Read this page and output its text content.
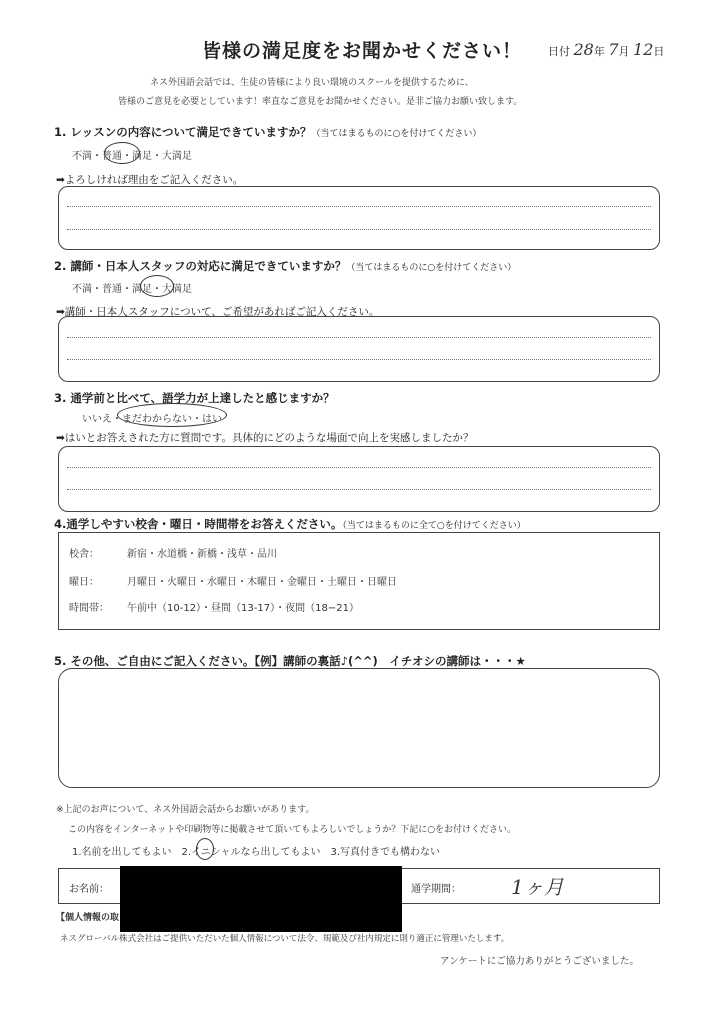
皆様の満足度をお聞かせください！	日付 28年 7月 12日
ネス外国語会話では、生徒の皆様により良い環境のスクールを提供するために、
皆様のご意見を必要としています！率直なご意見をお聞かせください。是非ご協力お願い致します。
1. レッスンの内容について満足できていますか？（当てはまるものに○を付けてください）
不満・普通・満足・大満足
➡よろしければ理由をご記入ください。
2. 講師・日本人スタッフの対応に満足できていますか？（当てはまるものに○を付けてください）
不満・普通・満足・大満足
➡講師・日本人スタッフについて、ご希望があればご記入ください。
3. 通学前と比べて、語学力が上達したと感じますか？
いいえ・まだわからない・はい
➡はいとお答えされた方に質問です。具体的にどのような場面で向上を実感しましたか？
4.通学しやすい校舎・曜日・時間帯をお答えください。（当てはまるものに全て○を付けてください）
校舎：	新宿・水道橋・新橋・浅草・品川
曜日：	月曜日・火曜日・水曜日・木曜日・金曜日・土曜日・日曜日
時間帯： 午前中（10-12）・昼間（13-17）・夜間（18−21）
5. その他、ご自由にご記入ください。【例】講師の裏話♪(^^)　イチオシの講師は・・・★
※上記のお声について、ネス外国語会話からお願いがあります。
この内容をインターネットや印刷物等に掲載させて頂いてもよろしいでしょうか？下記に○をお付けください。
1.名前を出してもよい　2.イニシャルなら出してもよい　3.写真付きでも構わない
お名前：	通学期間：	1ヶ月
【個人情報の取
ネスグローバル株式会社はご提供いただいた個人情報について法令、規範及び社内規定に則り適正に管理いたします。
アンケートにご協力ありがとうございました。
